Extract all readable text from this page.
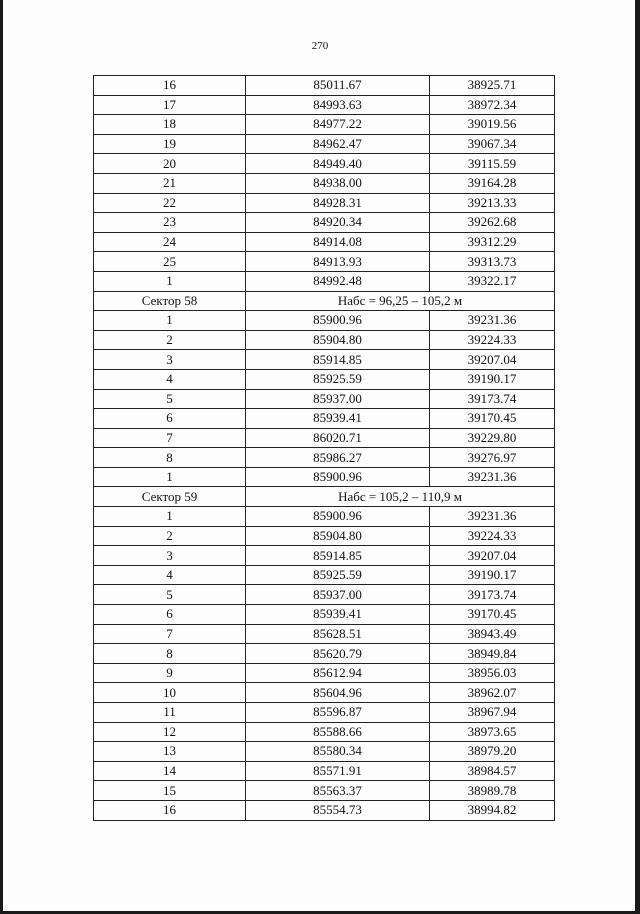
270
16	85011.67	38925.71
17	84993.63	38972.34
18	84977.22	39019.56
19	84962.47	39067.34
20	84949.40	39115.59
21	84938.00	39164.28
22	84928.31	39213.33
23	84920.34	39262.68
24	84914.08	39312.29
25	84913.93	39313.73
1	84992.48	39322.17
Сектор 58	Набс = 96,25 – 105,2 м	
1	85900.96	39231.36
2	85904.80	39224.33
3	85914.85	39207.04
4	85925.59	39190.17
5	85937.00	39173.74
6	85939.41	39170.45
7	86020.71	39229.80
8	85986.27	39276.97
1	85900.96	39231.36
Сектор 59	Набс = 105,2 – 110,9 м	
1	85900.96	39231.36
2	85904.80	39224.33
3	85914.85	39207.04
4	85925.59	39190.17
5	85937.00	39173.74
6	85939.41	39170.45
7	85628.51	38943.49
8	85620.79	38949.84
9	85612.94	38956.03
10	85604.96	38962.07
11	85596.87	38967.94
12	85588.66	38973.65
13	85580.34	38979.20
14	85571.91	38984.57
15	85563.37	38989.78
16	85554.73	38994.82
